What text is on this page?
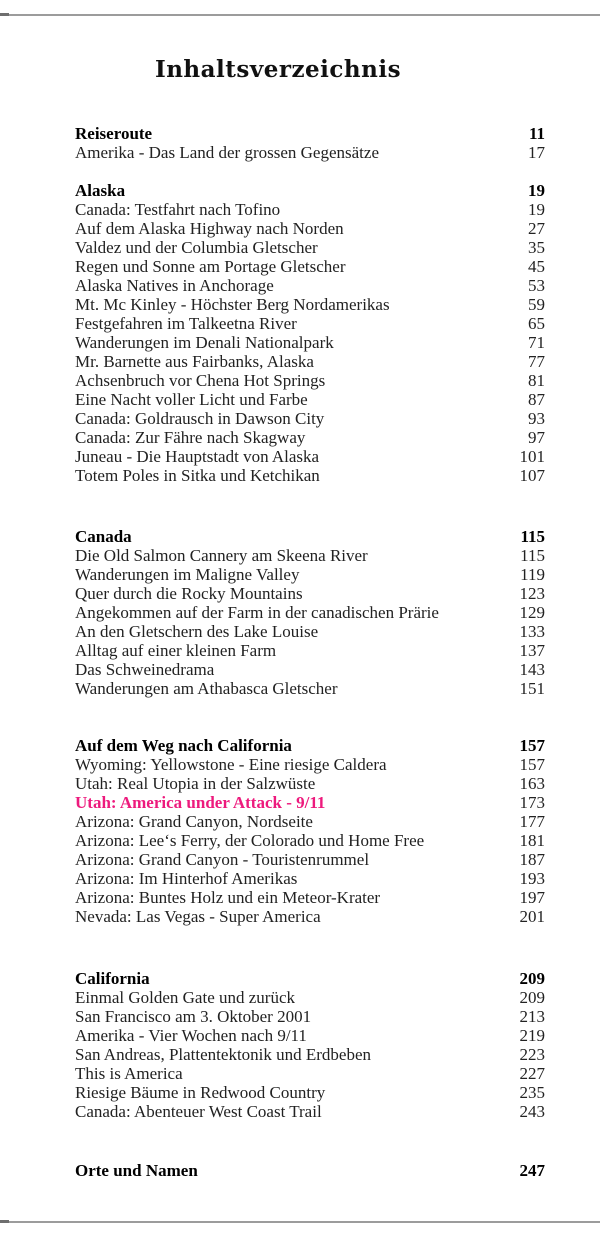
Inhaltsverzeichnis
Reiseroute	11
Amerika - Das Land der grossen Gegensätze	17
Alaska	19
Canada: Testfahrt nach Tofino	19
Auf dem Alaska Highway nach Norden	27
Valdez und der Columbia Gletscher	35
Regen und Sonne am Portage Gletscher	45
Alaska Natives in Anchorage	53
Mt. Mc Kinley - Höchster Berg Nordamerikas	59
Festgefahren im Talkeetna River	65
Wanderungen im Denali Nationalpark	71
Mr. Barnette aus Fairbanks, Alaska	77
Achsenbruch vor Chena Hot Springs	81
Eine Nacht voller Licht und Farbe	87
Canada: Goldrausch in Dawson City	93
Canada: Zur Fähre nach Skagway	97
Juneau - Die Hauptstadt von Alaska	101
Totem Poles in Sitka und Ketchikan	107
Canada	115
Die Old Salmon Cannery am Skeena River	115
Wanderungen im Maligne Valley	119
Quer durch die Rocky Mountains	123
Angekommen auf der Farm in der canadischen Prärie	129
An den Gletschern des Lake Louise	133
Alltag auf einer kleinen Farm	137
Das Schweinedrama	143
Wanderungen am Athabasca Gletscher	151
Auf dem Weg nach California	157
Wyoming: Yellowstone - Eine riesige Caldera	157
Utah: Real Utopia in der Salzwüste	163
Utah: America under Attack - 9/11	173
Arizona: Grand Canyon, Nordseite	177
Arizona: Lee‘s Ferry, der Colorado und Home Free	181
Arizona: Grand Canyon - Touristenrummel	187
Arizona: Im Hinterhof Amerikas	193
Arizona: Buntes Holz und ein Meteor-Krater	197
Nevada: Las Vegas - Super America	201
California	209
Einmal Golden Gate und zurück	209
San Francisco am 3. Oktober 2001	213
Amerika - Vier Wochen nach 9/11	219
San Andreas, Plattentektonik und Erdbeben	223
This is America	227
Riesige Bäume in Redwood Country	235
Canada: Abenteuer West Coast Trail	243
Orte und Namen	247
